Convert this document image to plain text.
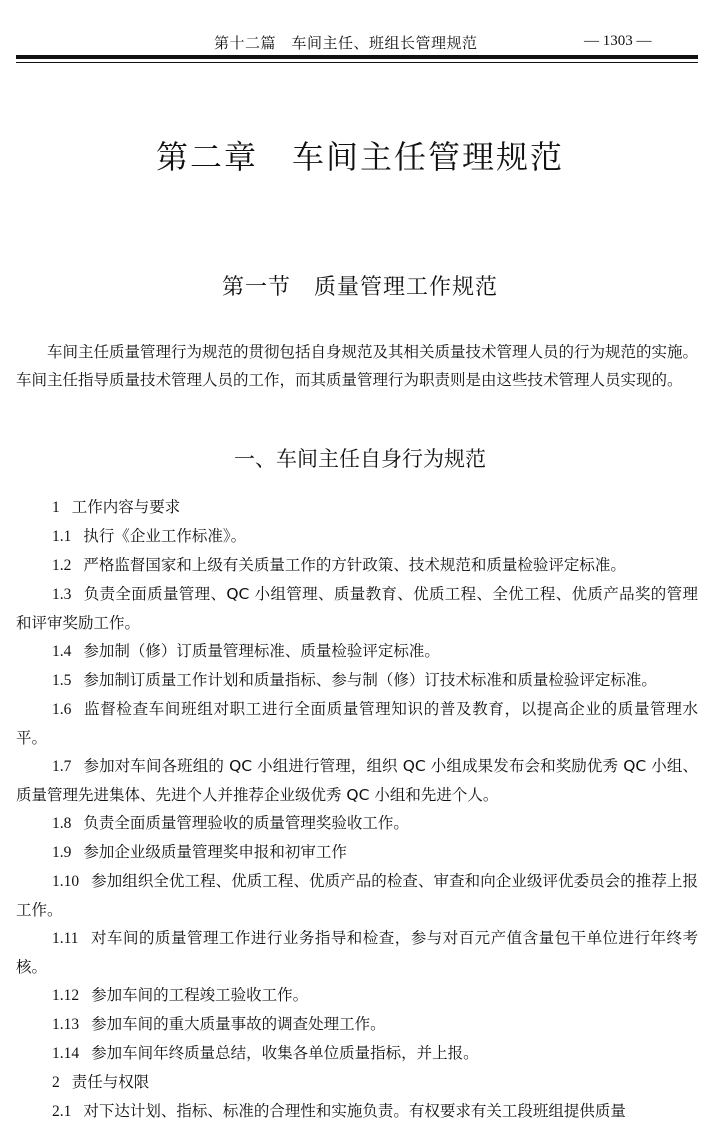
第十二篇　车间主任、班组长管理规范	— 1303 —
第二章　车间主任管理规范
第一节　质量管理工作规范

车间主任质量管理行为规范的贯彻包括自身规范及其相关质量技术管理人员的行为规范的实施。车间主任指导质量技术管理人员的工作，而其质量管理行为职责则是由这些技术管理人员实现的。

一、车间主任自身行为规范
1 工作内容与要求
1.1 执行《企业工作标准》。
1.2 严格监督国家和上级有关质量工作的方针政策、技术规范和质量检验评定标准。
1.3 负责全面质量管理、QC 小组管理、质量教育、优质工程、全优工程、优质产品奖的管理和评审奖励工作。
1.4 参加制（修）订质量管理标准、质量检验评定标准。
1.5 参加制订质量工作计划和质量指标、参与制（修）订技术标准和质量检验评定标准。
1.6 监督检查车间班组对职工进行全面质量管理知识的普及教育，以提高企业的质量管理水平。
1.7 参加对车间各班组的 QC 小组进行管理，组织 QC 小组成果发布会和奖励优秀 QC 小组、质量管理先进集体、先进个人并推荐企业级优秀 QC 小组和先进个人。
1.8 负责全面质量管理验收的质量管理奖验收工作。
1.9 参加企业级质量管理奖申报和初审工作
1.10 参加组织全优工程、优质工程、优质产品的检查、审查和向企业级评优委员会的推荐上报工作。
1.11 对车间的质量管理工作进行业务指导和检查，参与对百元产值含量包干单位进行年终考核。
1.12 参加车间的工程竣工验收工作。
1.13 参加车间的重大质量事故的调查处理工作。
1.14 参加车间年终质量总结，收集各单位质量指标，并上报。
2 责任与权限
2.1 对下达计划、指标、标准的合理性和实施负责。有权要求有关工段班组提供质量
